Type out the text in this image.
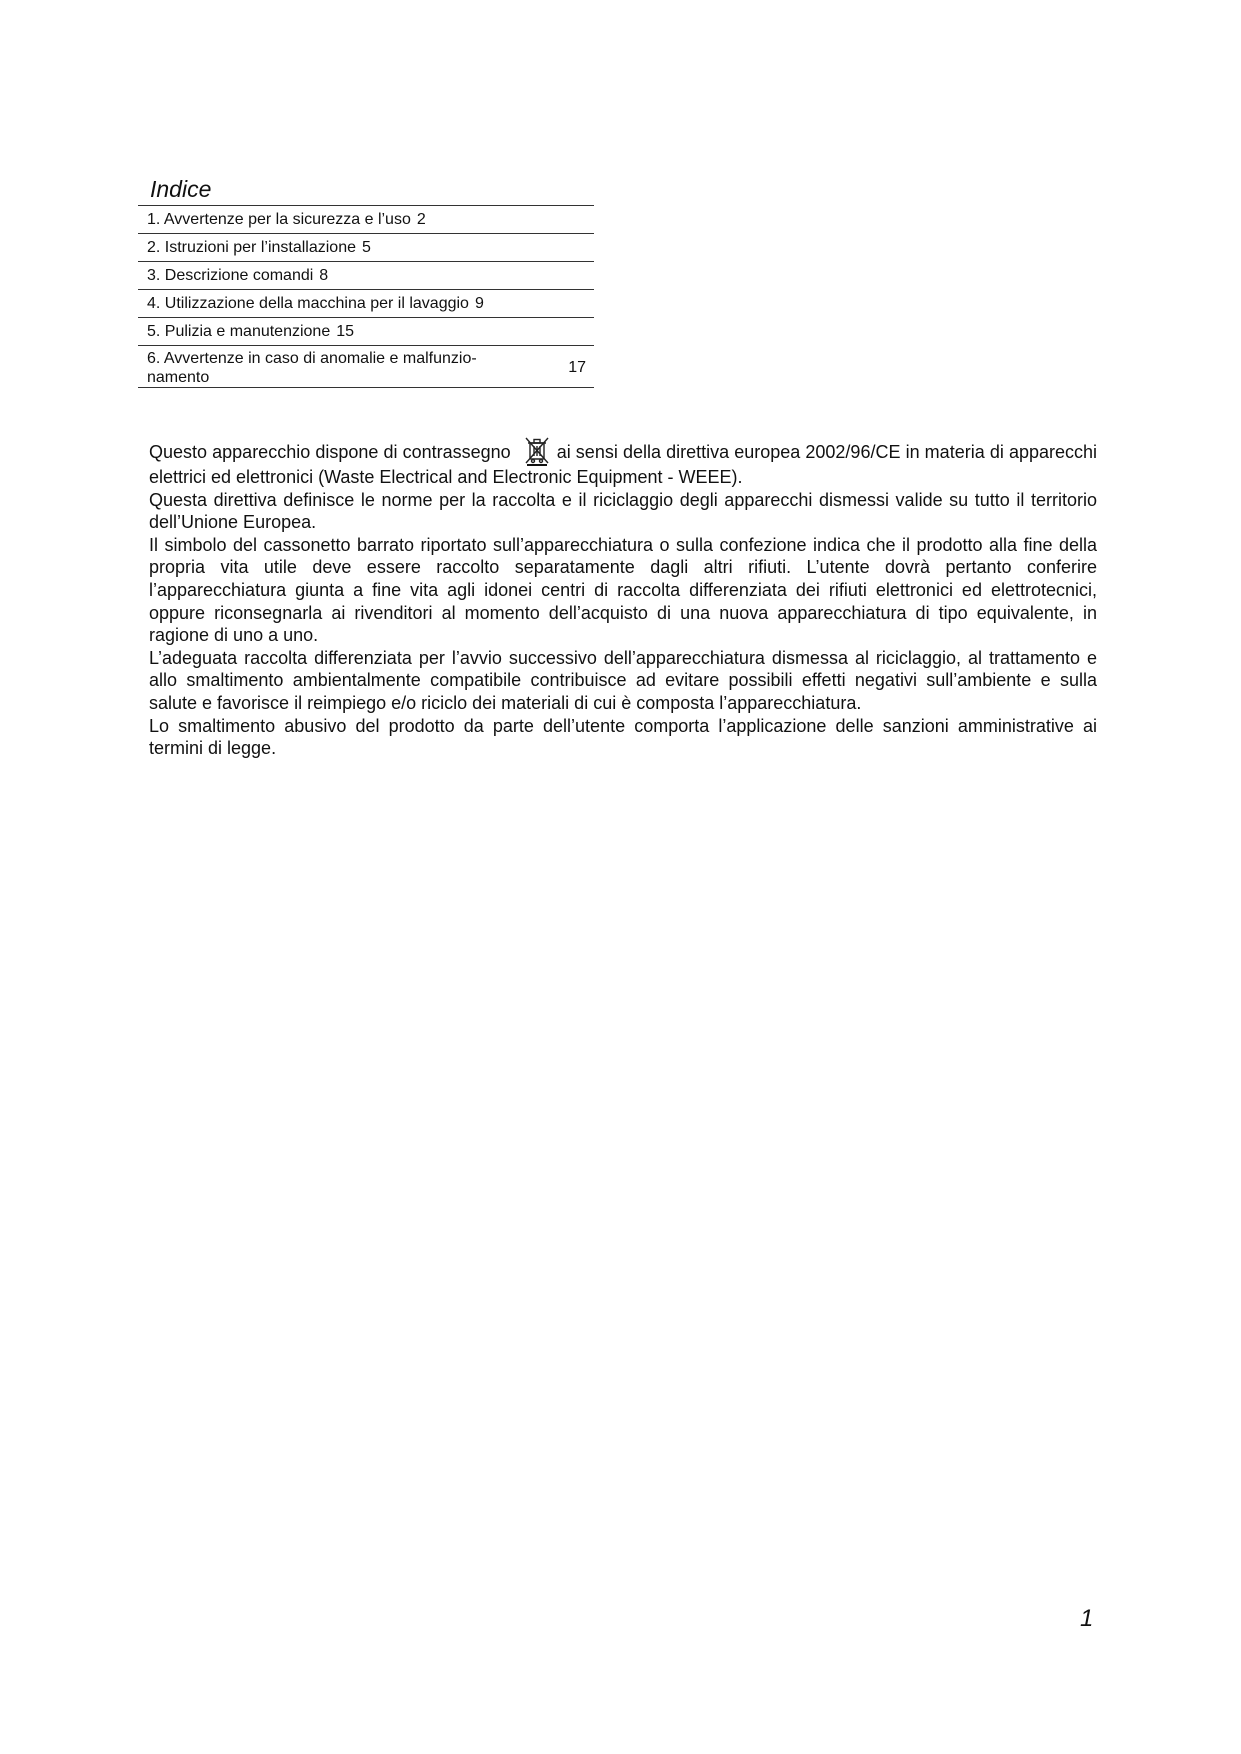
Indice
1. Avvertenze per la sicurezza e l’uso 2
2. Istruzioni per l’installazione 5
3. Descrizione comandi 8
4. Utilizzazione della macchina per il lavaggio 9
5. Pulizia e manutenzione 15
6. Avvertenze in caso di anomalie e malfunzio-namento
17

Questo apparecchio dispone di contrassegno	ai sensi della direttiva europea 2002/96/CE in materia di apparecchi elettrici ed elettronici (Waste Electrical and Electronic Equipment - WEEE).

Questa direttiva definisce le norme per la raccolta e il riciclaggio degli apparecchi dismessi valide su tutto il territorio dell’Unione Europea.

Il simbolo del cassonetto barrato riportato sull’apparecchiatura o sulla confezione indica che il prodotto alla fine della propria vita utile deve essere raccolto separatamente dagli altri rifiuti. L’utente dovrà pertanto conferire l’apparecchiatura giunta a fine vita agli idonei centri di raccolta differenziata dei rifiuti elettronici ed elettrotecnici, oppure riconsegnarla ai rivenditori al momento dell’acquisto di una nuova apparecchiatura di tipo equivalente, in ragione di uno a uno.

L’adeguata raccolta differenziata per l’avvio successivo dell’apparecchiatura dismessa al riciclaggio, al trattamento e allo smaltimento ambientalmente compatibile contribuisce ad evitare possibili effetti negativi sull’ambiente e sulla salute e favorisce il reimpiego e/o riciclo dei materiali di cui è composta l’apparecchiatura.

Lo smaltimento abusivo del prodotto da parte dell’utente comporta l’applicazione delle sanzioni amministrative ai termini di legge.

1
